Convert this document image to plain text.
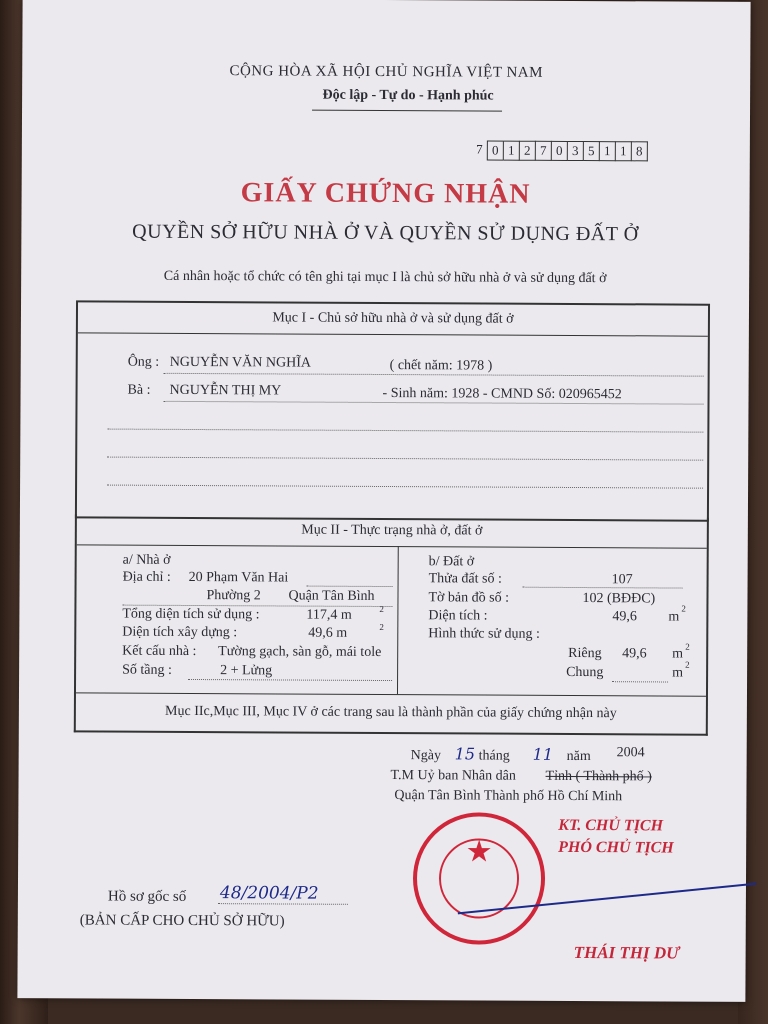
CỘNG HÒA XÃ HỘI CHỦ NGHĨA VIỆT NAM
Độc lập - Tự do - Hạnh phúc
7 0 1 2 7 0 3 5 1 1 8
GIẤY CHỨNG NHẬN
QUYỀN SỞ HỮU NHÀ Ở VÀ QUYỀN SỬ DỤNG ĐẤT Ở
Cá nhân hoặc tổ chức có tên ghi tại mục I là chủ sở hữu nhà ở và sử dụng đất ở
Mục I - Chủ sở hữu nhà ở và sử dụng đất ở
Ông : NGUYỄN VĂN NGHĨA	( chết năm: 1978 )
Bà : NGUYỄN THỊ MY	- Sinh năm: 1928 - CMND Số: 020965452
Mục II - Thực trạng nhà ở, đất ở
a/ Nhà ở
Địa chỉ : 20 Phạm Văn Hai
Phường 2 Quận Tân Bình
Tổng diện tích sử dụng :	117,4 m	2
Diện tích xây dựng :	49,6 m	2
Kết cấu nhà : Tường gạch, sàn gỗ, mái tole
Số tầng :	2 + Lửng
b/ Đất ở
Thửa đất số :	107
Tờ bản đồ số :	102 (BĐĐC)
Diện tích :	49,6 m
2
Hình thức sử dụng :
Riêng 49,6 m 2
Chung	m
2
Mục IIc,Mục III, Mục IV ở các trang sau là thành phần của giấy chứng nhận này
Ngày 15 tháng 11 năm 2004
T.M Uỷ ban Nhân dân Tỉnh ( Thành phố )
Quận Tân Bình Thành phố Hồ Chí Minh
KT. CHỦ TỊCH
PHÓ CHỦ TỊCH
★
THÁI THỊ DƯ
Hồ sơ gốc số 48/2004/P2
(BẢN CẤP CHO CHỦ SỞ HỮU)
